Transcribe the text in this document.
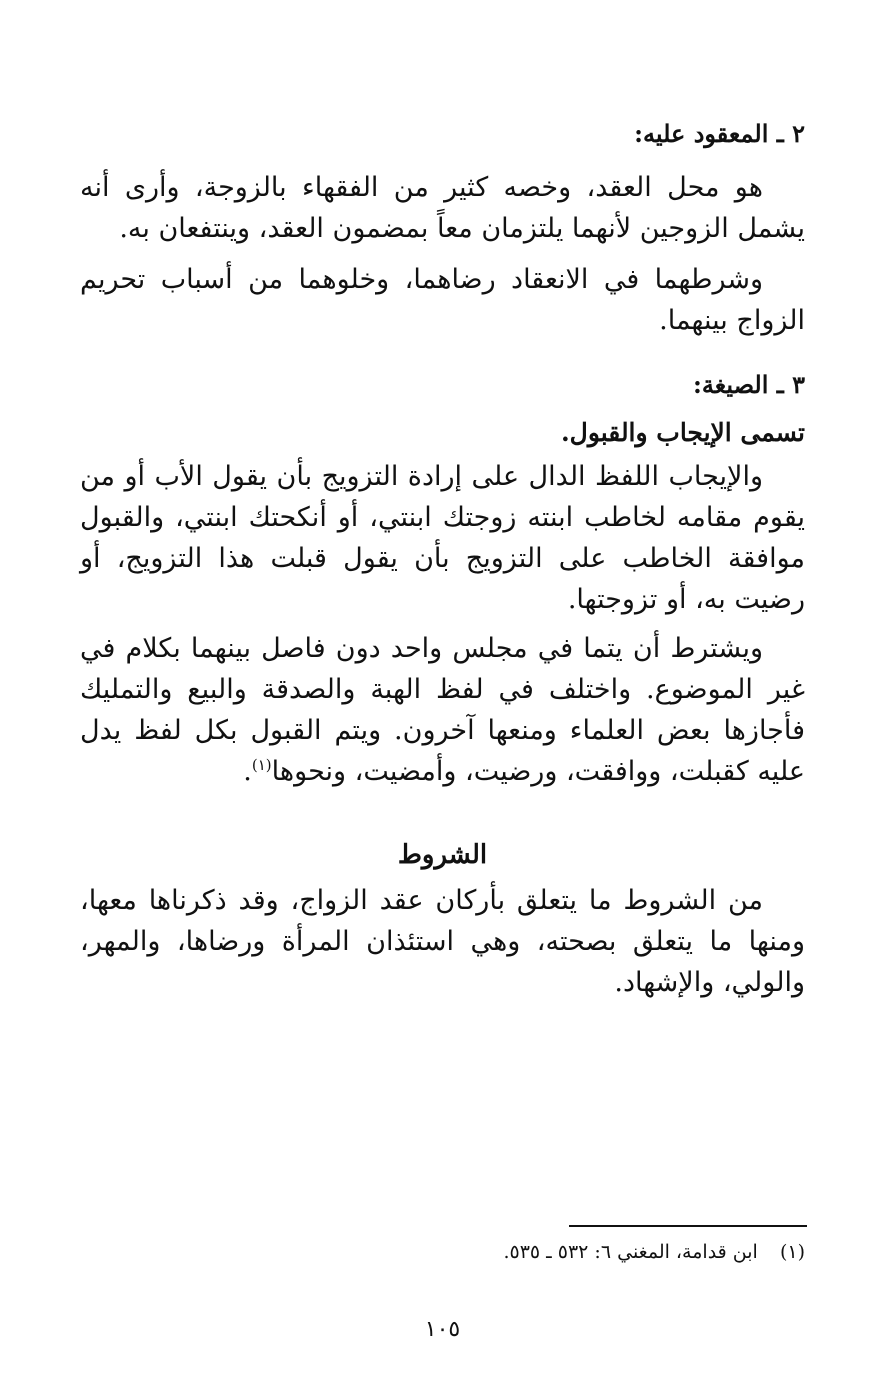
٢ ـ المعقود عليه:

هو محل العقد، وخصه كثير من الفقهاء بالزوجة، وأرى أنه يشمل الزوجين لأنهما يلتزمان معاً بمضمون العقد، وينتفعان به.

وشرطهما في الانعقاد رضاهما، وخلوهما من أسباب تحريم الزواج بينهما.

٣ ـ الصيغة:
تسمى الإيجاب والقبول.

والإيجاب اللفظ الدال على إرادة التزويج بأن يقول الأب أو من يقوم مقامه لخاطب ابنته زوجتك ابنتي، أو أنكحتك ابنتي، والقبول موافقة الخاطب على التزويج بأن يقول قبلت هذا التزويج، أو رضيت به، أو تزوجتها.

ويشترط أن يتما في مجلس واحد دون فاصل بينهما بكلام في غير الموضوع. واختلف في لفظ الهبة والصدقة والبيع والتمليك فأجازها بعض العلماء ومنعها آخرون. ويتم القبول بكل لفظ يدل عليه كقبلت، ووافقت، ورضيت، وأمضيت، ونحوها$^{(١)}$.

الشروط

من الشروط ما يتعلق بأركان عقد الزواج، وقد ذكرناها معها، ومنها ما يتعلق بصحته، وهي استئذان المرأة ورضاها، والمهر، والولي، والإشهاد.

(١)  ابن قدامة، المغني ٦: ٥٣٢ ـ ٥٣٥.
١٠٥
